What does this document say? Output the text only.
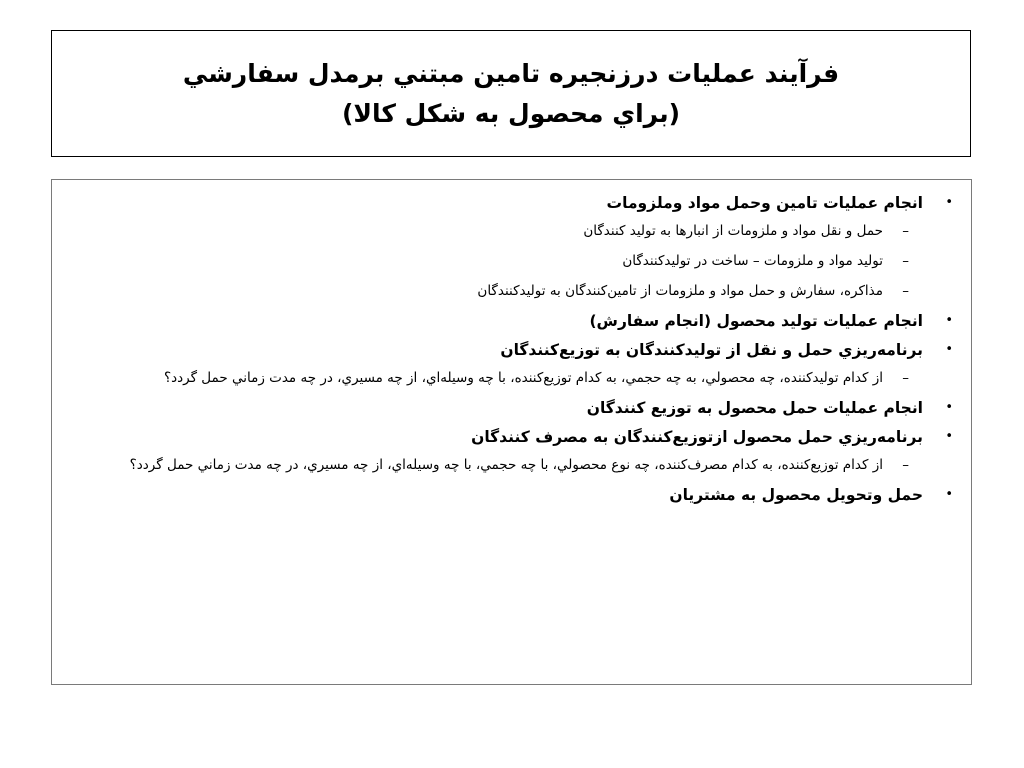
فرآيند عمليات درزنجيره تامين مبتني برمدل سفارشي
(براي محصول به شكل كالا)
•
انجام عمليات تامين وحمل مواد وملزومات
–
حمل و نقل مواد و ملزومات از انبارها به توليد كنندگان
–
توليد مواد و ملزومات – ساخت در توليدكنندگان
–
مذاكره، سفارش و حمل مواد و ملزومات از تامين‌كنندگان به توليدكنندگان
•
انجام عمليات توليد محصول (انجام سفارش)
•
برنامه‌ريزي حمل و نقل از توليدكنندگان به توزيع‌كنندگان
–
از كدام توليدكننده، چه محصولي، به چه حجمي، به كدام توزيع‌كننده، با چه وسيله‌اي، از چه مسيري، در چه مدت زماني حمل گردد؟
•
انجام عمليات حمل محصول به توزيع كنندگان
•
برنامه‌ريزي حمل محصول ازتوزيع‌كنندگان به مصرف كنندگان
–
از كدام توزيع‌كننده، به كدام مصرف‌كننده، چه نوع محصولي، با چه حجمي، با چه وسيله‌اي، از چه مسيري، در چه مدت زماني حمل گردد؟
•
حمل وتحويل محصول به مشتريان
